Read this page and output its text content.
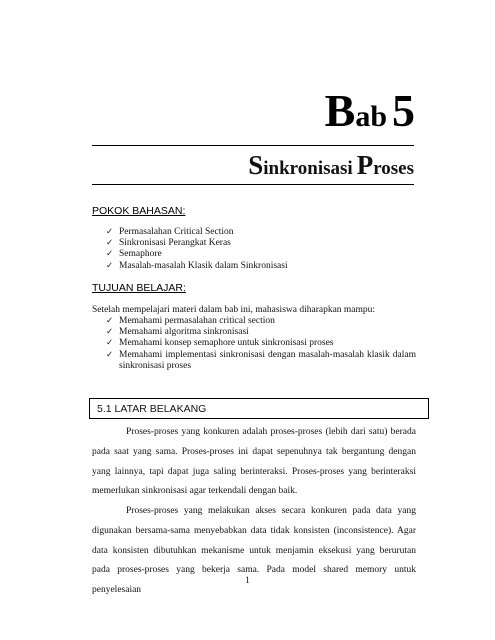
Bab 5
Sinkronisasi Proses
POKOK BAHASAN:
✓ Permasalahan Critical Section
✓ Sinkronisasi Perangkat Keras
✓ Semaphore
✓ Masalah-masalah Klasik dalam Sinkronisasi
TUJUAN BELAJAR:
Setelah mempelajari materi dalam bab ini, mahasiswa diharapkan mampu:
✓ Memahami permasalahan critical section
✓ Memahami algoritma sinkronisasi
✓ Memahami konsep semaphore untuk sinkronisasi proses
✓ Memahami implementasi sinkronisasi dengan masalah-masalah klasik dalam sinkronisasi proses
5.1 LATAR BELAKANG

Proses-proses yang konkuren adalah proses-proses (lebih dari satu) berada pada saat yang sama. Proses-proses ini dapat sepenuhnya tak bergantung dengan yang lainnya, tapi dapat juga saling berinteraksi. Proses-proses yang berinteraksi memerlukan sinkronisasi agar terkendali dengan baik.

Proses-proses yang melakukan akses secara konkuren pada data yang digunakan bersama-sama menyebabkan data tidak konsisten (inconsistence). Agar data konsisten dibutuhkan mekanisme untuk menjamin eksekusi yang berurutan pada proses-proses yang bekerja sama. Pada model shared memory untuk penyelesaian

1
